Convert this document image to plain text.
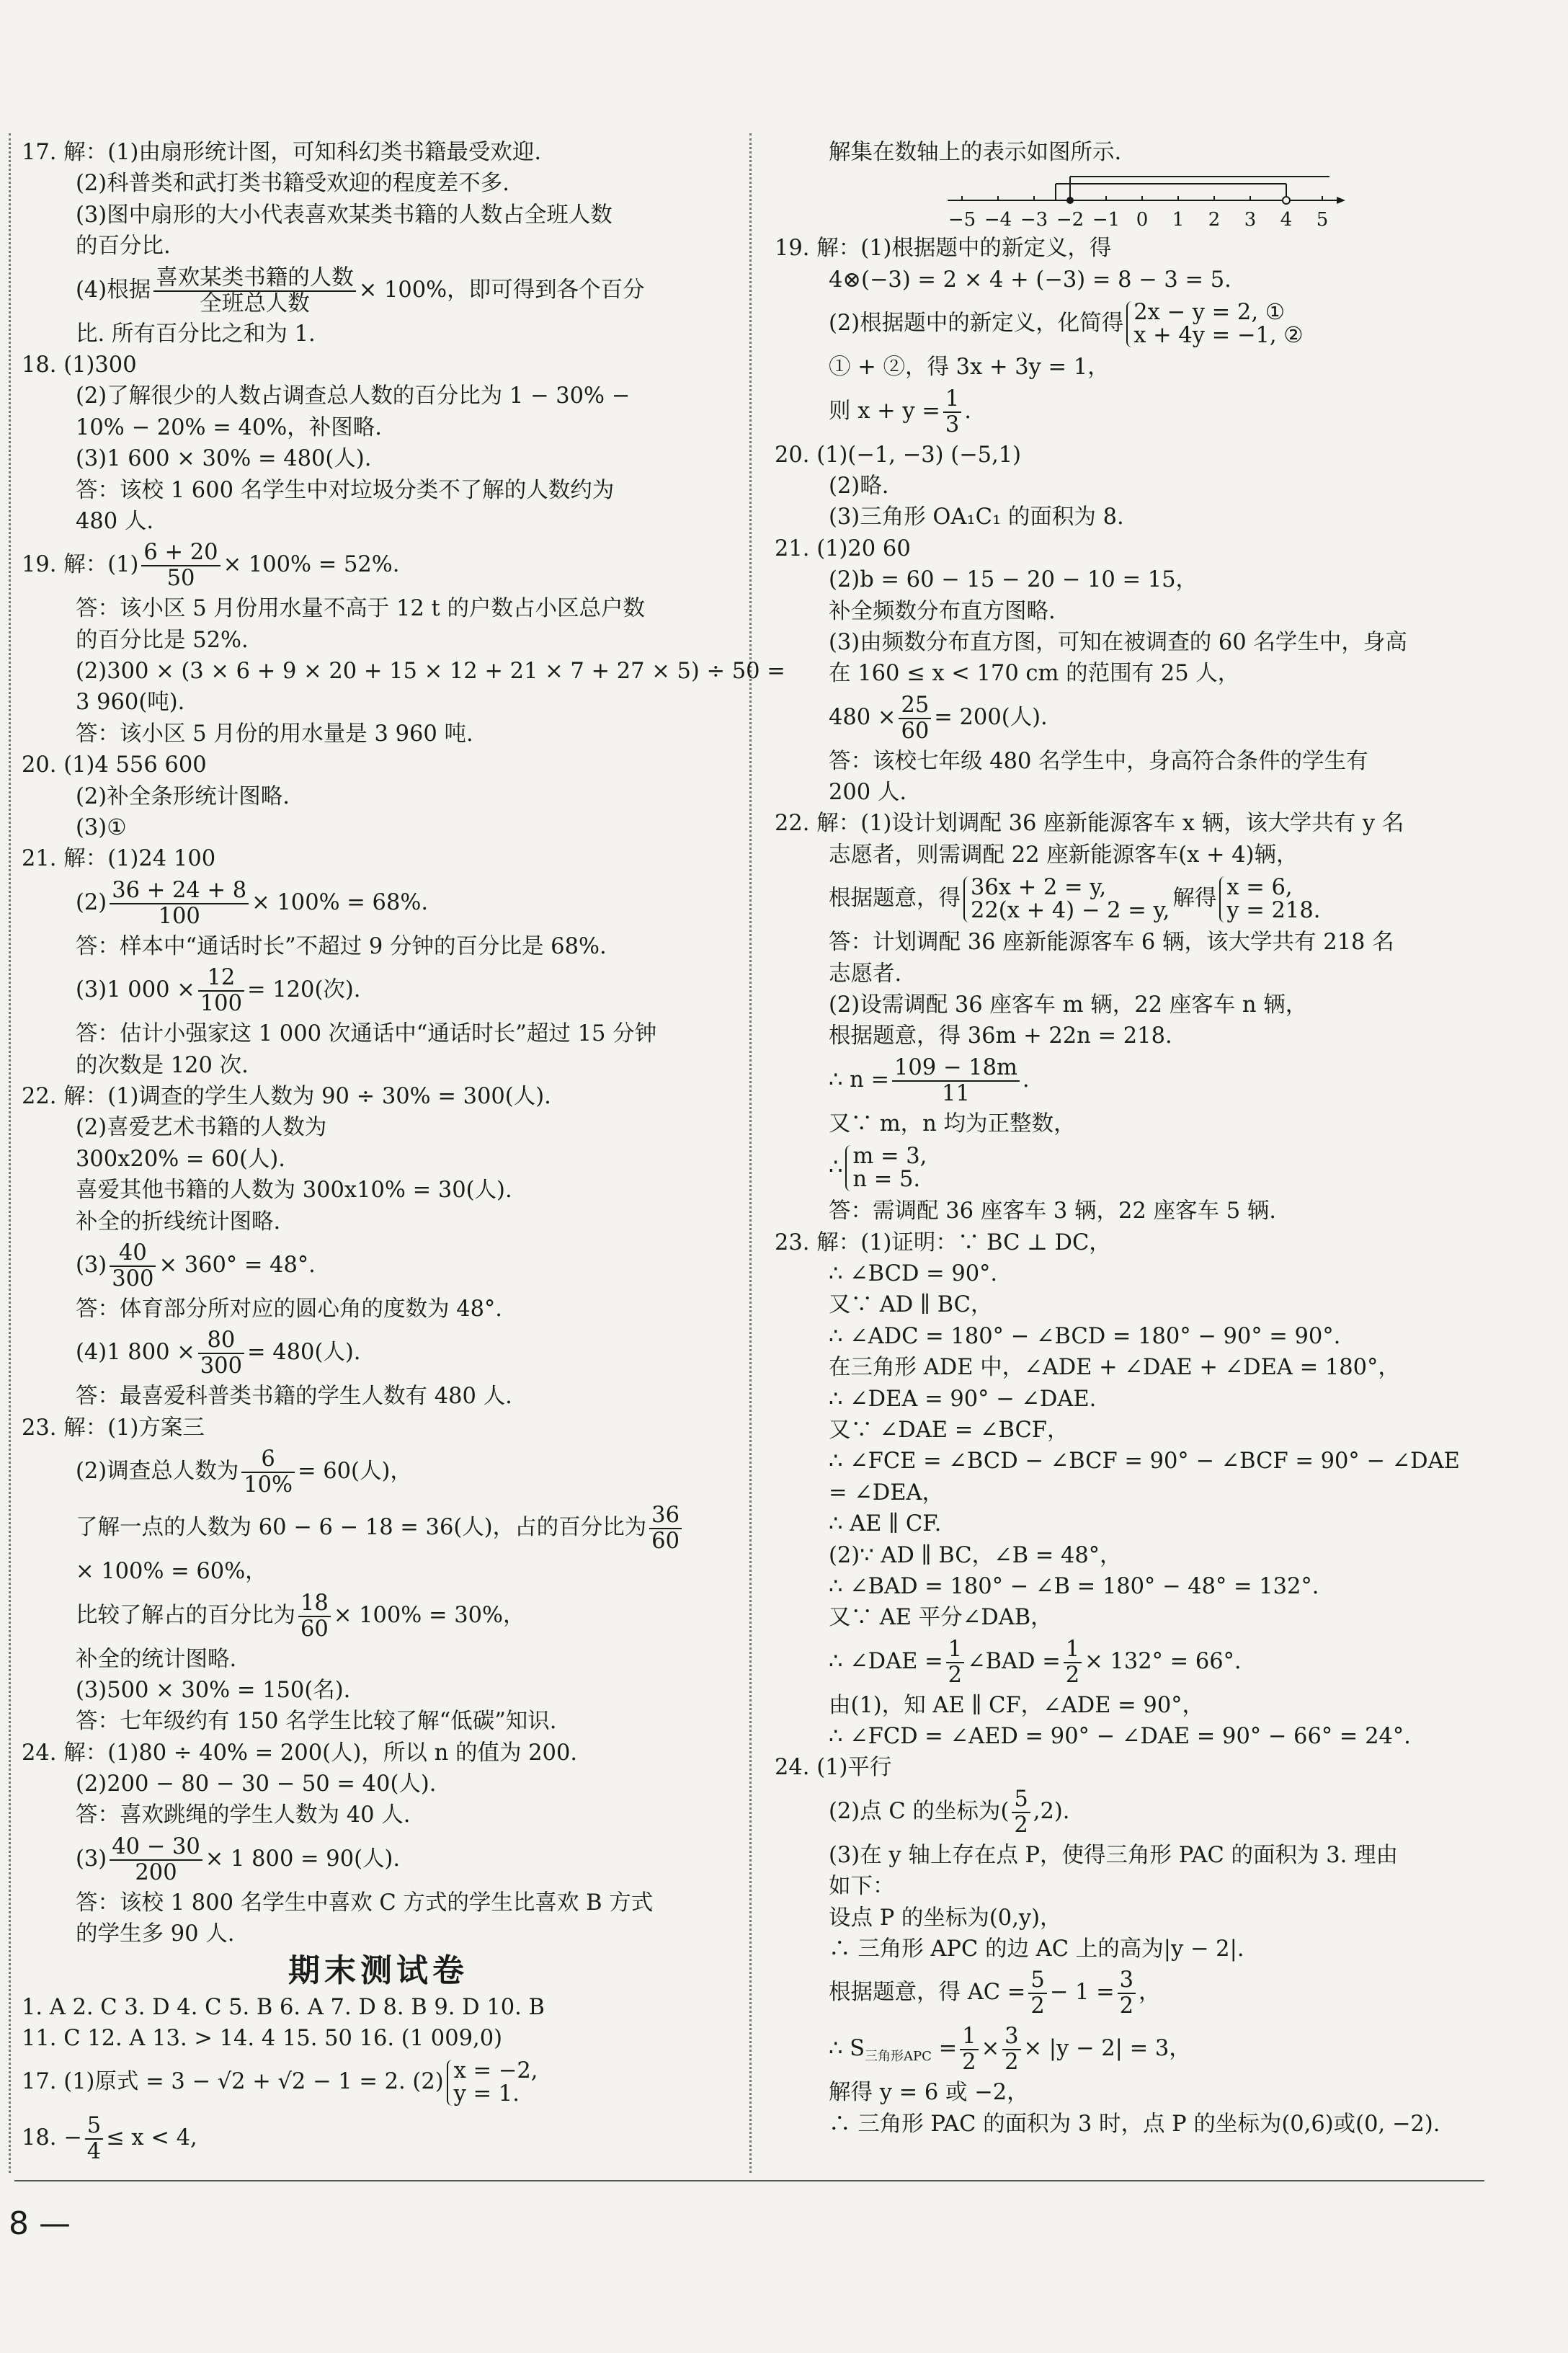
17. 解：(1)由扇形统计图，可知科幻类书籍最受欢迎.
(2)科普类和武打类书籍受欢迎的程度差不多.
(3)图中扇形的大小代表喜欢某类书籍的人数占全班人数
的百分比.
(4)根据 $\frac{\text{喜欢某类书籍的人数}}{\text{全班总人数}} \times 100\%$，即可得到各个百分
比. 所有百分比之和为 1.
18. (1)300
(2)了解很少的人数占调查总人数的百分比为 1 − 30% −
10% − 20% = 40%，补图略.
(3)1 600 × 30% = 480(人).
答：该校 1 600 名学生中对垃圾分类不了解的人数约为
480 人.
19. 解：$(1) \frac{6 + 20}{50} \times 100\% = 52\%$.
答：该小区 5 月份用水量不高于 12 t 的户数占小区总户数
的百分比是 52%.
(2)300 × (3 × 6 + 9 × 20 + 15 × 12 + 21 × 7 + 27 × 5) ÷ 50 =
3 960(吨).
答：该小区 5 月份的用水量是 3 960 吨.
20. (1)4 556 600
(2)补全条形统计图略.
(3)①
21. 解：(1)24 100
$(2) \frac{36 + 24 + 8}{100} \times 100\% = 68\%$.
答：样本中“通话时长”不超过 9 分钟的百分比是 68%.
(3)1 $000 \times \frac{12}{100} = 120$(次).
答：估计小强家这 1 000 次通话中“通话时长”超过 15 分钟
的次数是 120 次.
22. 解：(1)调查的学生人数为 90 ÷ 30% = 300(人).
(2)喜爱艺术书籍的人数为
300x20% = 60(人).
喜爱其他书籍的人数为 300x10% = 30(人).
补全的折线统计图略.
$(3) \frac{40}{300} \times 360^\circ = 48^\circ$.
答：体育部分所对应的圆心角的度数为 48°.
(4)1 $800 \times \frac{80}{300} = 480$(人).
答：最喜爱科普类书籍的学生人数有 480 人.
23. 解：(1)方案三
(2)调查总人数为 $\frac{6}{10\%} = 60$(人)，
了解一点的人数为 60 − 6 − 18 = 36(人)，占的百分比为 $\frac{36}{60}$
× 100% = 60%，
比较了解占的百分比为 $\frac{18}{60} \times 100\% = 30\%$，
补全的统计图略.
(3)500 × 30% = 150(名).
答：七年级约有 150 名学生比较了解“低碳”知识.
24. 解：(1)80 ÷ 40% = 200(人)，所以 n 的值为 200.
(2)200 − 80 − 30 − 50 = 40(人).
答：喜欢跳绳的学生人数为 40 人.
$(3) \frac{40 - 30}{200} \times 1$ 800 = 90(人).
答：该校 1 800 名学生中喜欢 C 方式的学生比喜欢 B 方式
的学生多 90 人.
期末测试卷
1. A 2. C 3. D 4. C 5. B 6. A 7. D 8. B 9. D 10. B
11. C 12. A 13. > 14. 4 15. 50 16. (1 009,0)
17. (1)原式 = 3 − √2 + √2 − 1 = 2. (2) x = −2,
y = 1.
18. − $\frac{5}{4} \le x < 4$,
解集在数轴上的表示如图所示.
−5 −4 −3 −2 −1 0 1 2 3 4 5
19. 解：(1)根据题中的新定义，得
4⊗(−3) = 2 × 4 + (−3) = 8 − 3 = 5.
(2)根据题中的新定义，化简得 2x − y = 2, ①
x + 4y = −1, ②
① + ②，得 3x + 3y = 1，
则 $x + y = \frac{1}{3}$ .
20. (1)(−1, −3) (−5,1)
(2)略.
(3)三角形 OA₁C₁ 的面积为 8.
21. (1)20 60
(2)b = 60 − 15 − 20 − 10 = 15，
补全频数分布直方图略.
(3)由频数分布直方图，可知在被调查的 60 名学生中，身高
在 160 ≤ x < 170 cm 的范围有 25 人，
$480 \times \frac{25}{60} = 200$(人).
答：该校七年级 480 名学生中，身高符合条件的学生有
200 人.
22. 解：(1)设计划调配 36 座新能源客车 x 辆，该大学共有 y 名
志愿者，则需调配 22 座新能源客车(x + 4)辆，
根据题意，得 36x + 2 = y,
22(x + 4) − 2 = y, 解得 x = 6,
y = 218.
答：计划调配 36 座新能源客车 6 辆，该大学共有 218 名
志愿者.
(2)设需调配 36 座客车 m 辆，22 座客车 n 辆，
根据题意，得 36m + 22n = 218.
∴ $n = \frac{109 - 18m}{11}$ .
又∵ m，n 均为正整数，
∴ m = 3,
n = 5.
答：需调配 36 座客车 3 辆，22 座客车 5 辆.
23. 解：(1)证明：∵ BC ⊥ DC，
∴ ∠BCD = 90°.
又∵ AD ∥ BC，
∴ ∠ADC = 180° − ∠BCD = 180° − 90° = 90°.
在三角形 ADE 中，∠ADE + ∠DAE + ∠DEA = 180°，
∴ ∠DEA = 90° − ∠DAE.
又∵ ∠DAE = ∠BCF，
∴ ∠FCE = ∠BCD − ∠BCF = 90° − ∠BCF = 90° − ∠DAE
= ∠DEA，
∴ AE ∥ CF.
(2)∵ AD ∥ BC，∠B = 48°，
∴ ∠BAD = 180° − ∠B = 180° − 48° = 132°.
又∵ AE 平分∠DAB，
∴ ∠DAE = $\frac{1}{2}$ ∠BAD = $\frac{1}{2} \times 132^\circ = 66^\circ$.
由(1)，知 AE ∥ CF，∠ADE = 90°，
∴ ∠FCD = ∠AED = 90° − ∠DAE = 90° − 66° = 24°.
24. (1)平行
(2)点 C 的坐标为( $\frac{5}{2} ,2$).
(3)在 y 轴上存在点 P，使得三角形 PAC 的面积为 3. 理由
如下：
设点 P 的坐标为(0,y)，
∴ 三角形 APC 的边 AC 上的高为|y − 2|.
根据题意，得 AC = $\frac{5}{2} - 1 = \frac{3}{2}$ ，
∴ $S_{三角形APC} = \frac{1}{2} \times \frac{3}{2} \times |y - 2| = 3$，
解得 y = 6 或 −2，
∴ 三角形 PAC 的面积为 3 时，点 P 的坐标为(0,6)或(0, −2).
8 —
